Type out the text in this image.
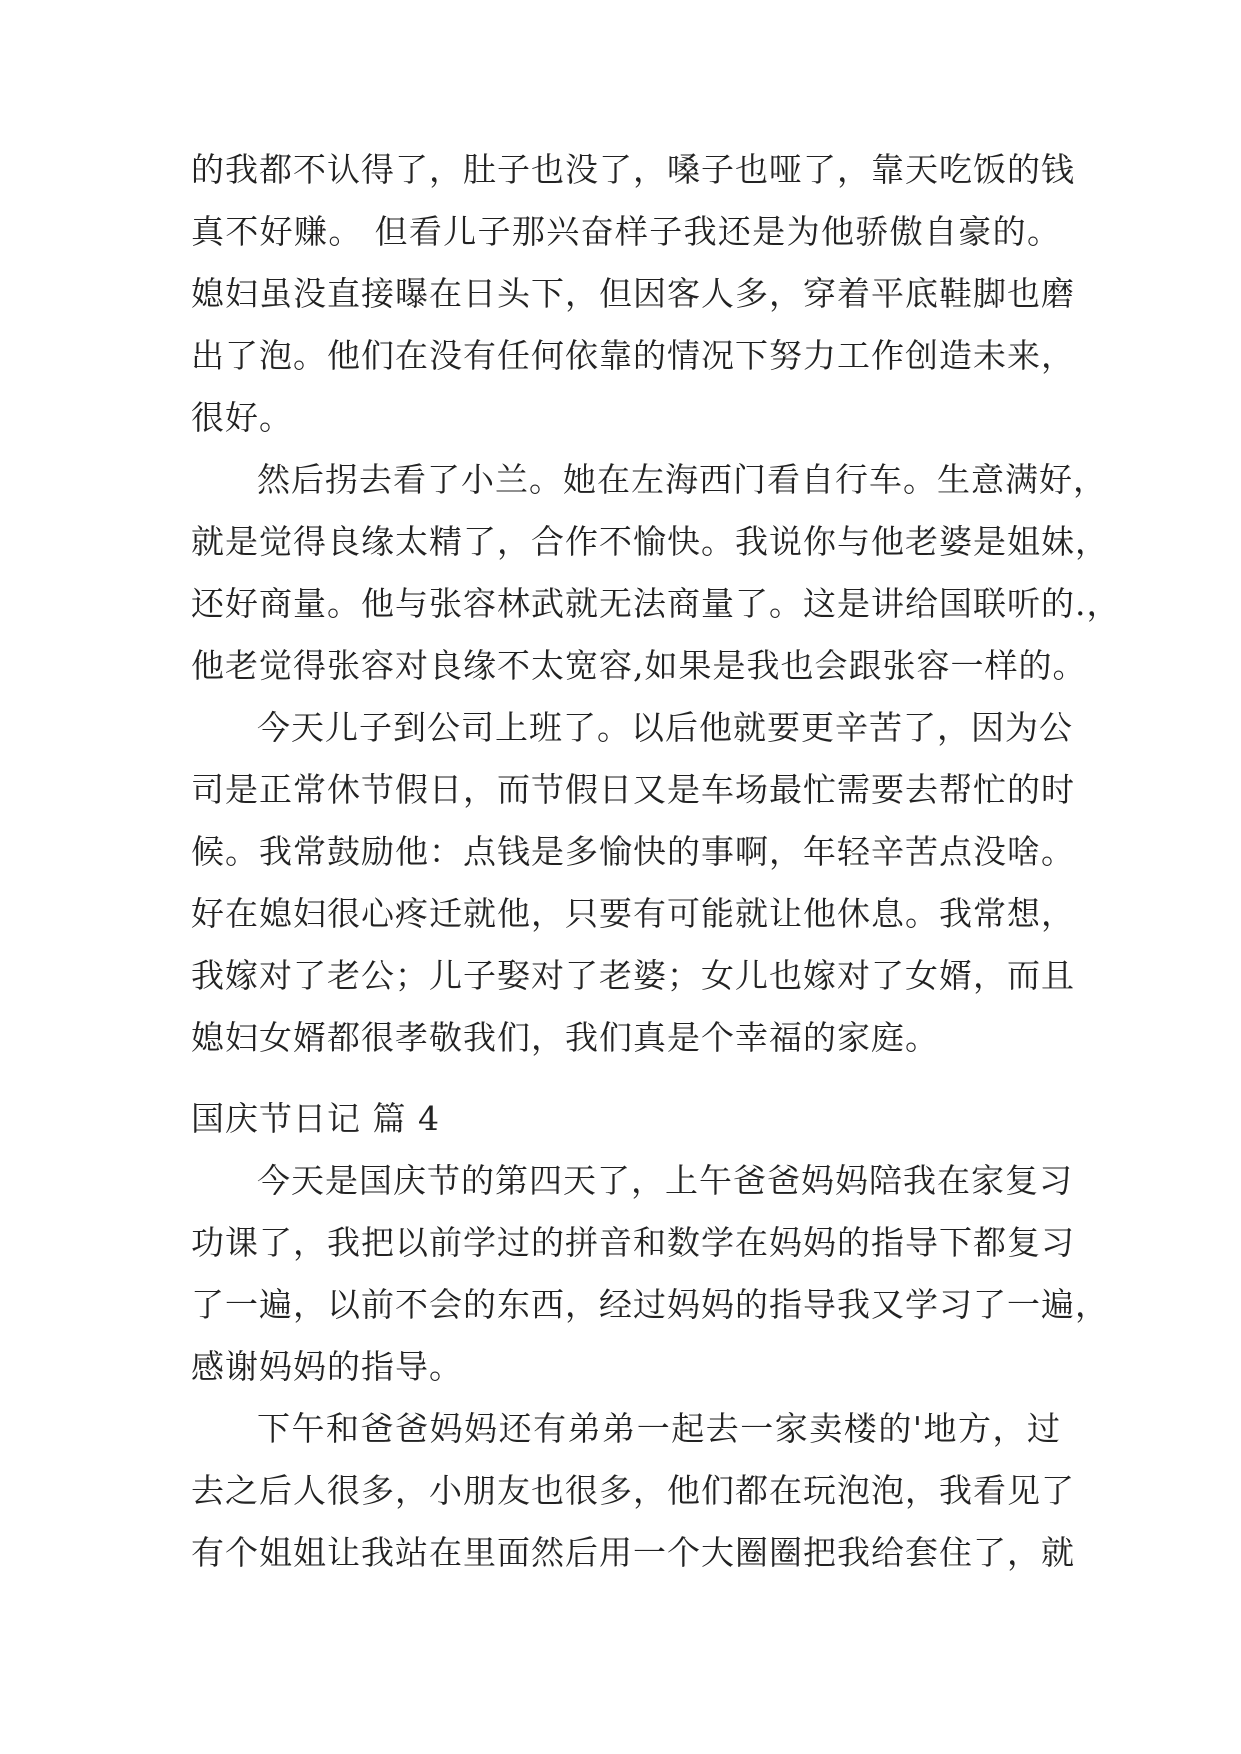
的我都不认得了，肚子也没了，嗓子也哑了，靠天吃饭的钱
真不好赚。 但看儿子那兴奋样子我还是为他骄傲自豪的。
媳妇虽没直接曝在日头下，但因客人多，穿着平底鞋脚也磨
出了泡。他们在没有任何依靠的情况下努力工作创造未来，
很好。
然后拐去看了小兰。她在左海西门看自行车。生意满好，
就是觉得良缘太精了，合作不愉快。我说你与他老婆是姐妹，
还好商量。他与张容林武就无法商量了。这是讲给国联听的.，
他老觉得张容对良缘不太宽容,如果是我也会跟张容一样的。
今天儿子到公司上班了。以后他就要更辛苦了，因为公
司是正常休节假日，而节假日又是车场最忙需要去帮忙的时
候。我常鼓励他：点钱是多愉快的事啊，年轻辛苦点没啥。
好在媳妇很心疼迁就他，只要有可能就让他休息。我常想，
我嫁对了老公；儿子娶对了老婆；女儿也嫁对了女婿，而且
媳妇女婿都很孝敬我们，我们真是个幸福的家庭。
国庆节日记 篇 4
今天是国庆节的第四天了，上午爸爸妈妈陪我在家复习
功课了，我把以前学过的拼音和数学在妈妈的指导下都复习
了一遍，以前不会的东西，经过妈妈的指导我又学习了一遍，
感谢妈妈的指导。
下午和爸爸妈妈还有弟弟一起去一家卖楼的'地方，过
去之后人很多，小朋友也很多，他们都在玩泡泡，我看见了
有个姐姐让我站在里面然后用一个大圈圈把我给套住了，就
